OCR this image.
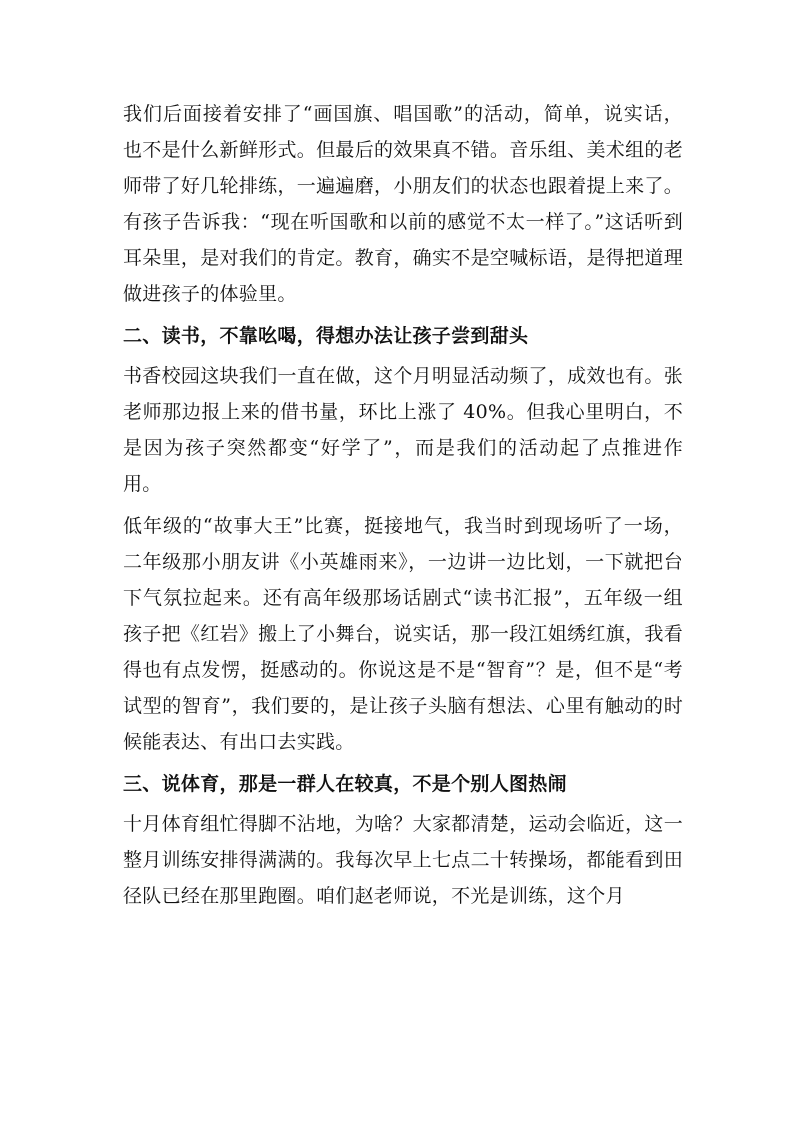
我们后面接着安排了“画国旗、唱国歌”的活动，简单，说实话，也不是什么新鲜形式。但最后的效果真不错。音乐组、美术组的老师带了好几轮排练，一遍遍磨，小朋友们的状态也跟着提上来了。有孩子告诉我：“现在听国歌和以前的感觉不太一样了。”这话听到耳朵里，是对我们的肯定。教育，确实不是空喊标语，是得把道理做进孩子的体验里。

二、读书，不靠吆喝，得想办法让孩子尝到甜头

书香校园这块我们一直在做，这个月明显活动频了，成效也有。张老师那边报上来的借书量，环比上涨了 40%。但我心里明白，不是因为孩子突然都变“好学了”，而是我们的活动起了点推进作用。

低年级的“故事大王”比赛，挺接地气，我当时到现场听了一场，二年级那小朋友讲《小英雄雨来》，一边讲一边比划，一下就把台下气氛拉起来。还有高年级那场话剧式“读书汇报”，五年级一组孩子把《红岩》搬上了小舞台，说实话，那一段江姐绣红旗，我看得也有点发愣，挺感动的。你说这是不是“智育”？是，但不是“考试型的智育”，我们要的，是让孩子头脑有想法、心里有触动的时候能表达、有出口去实践。

三、说体育，那是一群人在较真，不是个别人图热闹

十月体育组忙得脚不沾地，为啥？大家都清楚，运动会临近，这一整月训练安排得满满的。我每次早上七点二十转操场，都能看到田径队已经在那里跑圈。咱们赵老师说，不光是训练，这个月
